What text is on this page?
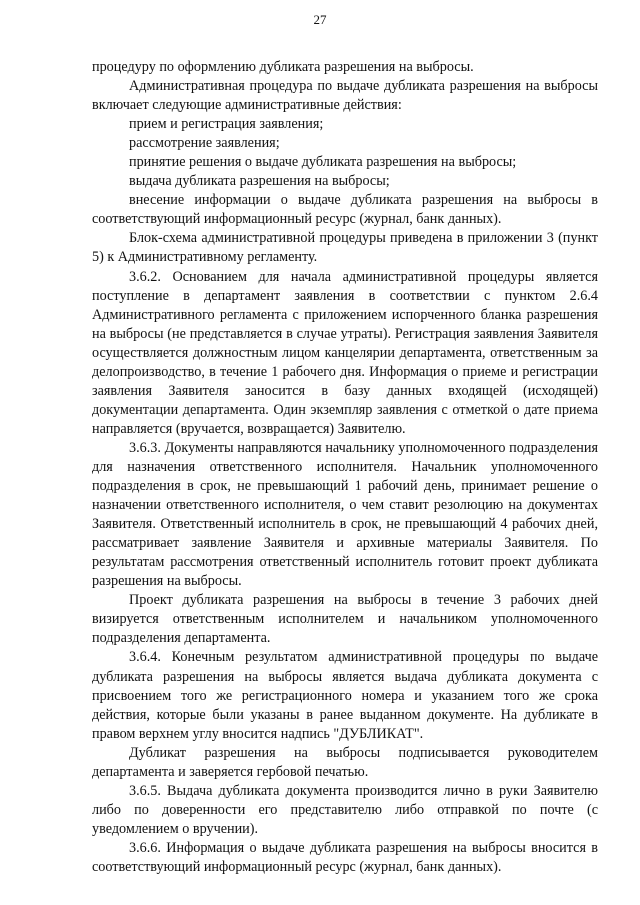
27

процедуру по оформлению дубликата разрешения на выбросы.

Административная процедура по выдаче дубликата разрешения на выбросы включает следующие административные действия:

прием и регистрация заявления;

рассмотрение заявления;

принятие решения о выдаче дубликата разрешения на выбросы;

выдача дубликата разрешения на выбросы;

внесение информации о выдаче дубликата разрешения на выбросы в соответствующий информационный ресурс (журнал, банк данных).

Блок-схема административной процедуры приведена в приложении 3 (пункт 5) к Административному регламенту.

3.6.2. Основанием для начала административной процедуры является поступление в департамент заявления в соответствии с пунктом 2.6.4 Административного регламента с приложением испорченного бланка разрешения на выбросы (не представляется в случае утраты). Регистрация заявления Заявителя осуществляется должностным лицом канцелярии департамента, ответственным за делопроизводство, в течение 1 рабочего дня. Информация о приеме и регистрации заявления Заявителя заносится в базу данных входящей (исходящей) документации департамента. Один экземпляр заявления с отметкой о дате приема направляется (вручается, возвращается) Заявителю.

3.6.3. Документы направляются начальнику уполномоченного подразделения для назначения ответственного исполнителя. Начальник уполномоченного подразделения в срок, не превышающий 1 рабочий день, принимает решение о назначении ответственного исполнителя, о чем ставит резолюцию на документах Заявителя. Ответственный исполнитель в срок, не превышающий 4 рабочих дней, рассматривает заявление Заявителя и архивные материалы Заявителя. По результатам рассмотрения ответственный исполнитель готовит проект дубликата разрешения на выбросы.

Проект дубликата разрешения на выбросы в течение 3 рабочих дней визируется ответственным исполнителем и начальником уполномоченного подразделения департамента.

3.6.4. Конечным результатом административной процедуры по выдаче дубликата разрешения на выбросы является выдача дубликата документа с присвоением того же регистрационного номера и указанием того же срока действия, которые были указаны в ранее выданном документе. На дубликате в правом верхнем углу вносится надпись "ДУБЛИКАТ".

Дубликат разрешения на выбросы подписывается руководителем департамента и заверяется гербовой печатью.

3.6.5. Выдача дубликата документа производится лично в руки Заявителю либо по доверенности его представителю либо отправкой по почте (с уведомлением о вручении).

3.6.6. Информация о выдаче дубликата разрешения на выбросы вносится в соответствующий информационный ресурс (журнал, банк данных).
